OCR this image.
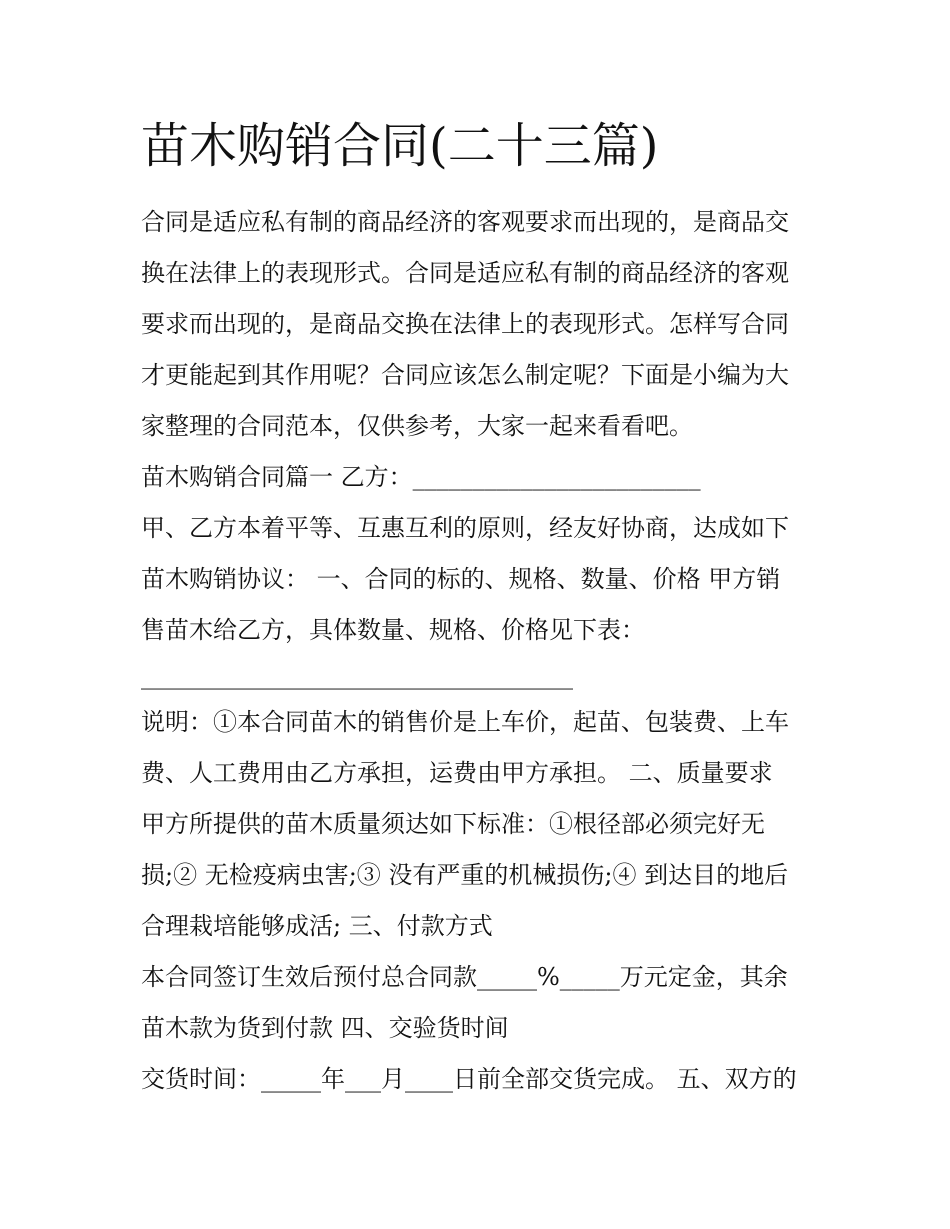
苗木购销合同(二十三篇)

合同是适应私有制的商品经济的客观要求而出现的，是商品交

换在法律上的表现形式。合同是适应私有制的商品经济的客观

要求而出现的，是商品交换在法律上的表现形式。怎样写合同

才更能起到其作用呢？合同应该怎么制定呢？下面是小编为大

家整理的合同范本，仅供参考，大家一起来看看吧。

苗木购销合同篇一 乙方：________________________

甲、乙方本着平等、互惠互利的原则，经友好协商，达成如下

苗木购销协议： 一、合同的标的、规格、数量、价格 甲方销

售苗木给乙方，具体数量、规格、价格见下表：

____________________________________

说明：①本合同苗木的销售价是上车价，起苗、包装费、上车

费、人工费用由乙方承担，运费由甲方承担。 二、质量要求

甲方所提供的苗木质量须达如下标准：①根径部必须完好无

损;② 无检疫病虫害;③ 没有严重的机械损伤;④ 到达目的地后

合理栽培能够成活; 三、付款方式

本合同签订生效后预付总合同款_____%_____万元定金，其余

苗木款为货到付款 四、交验货时间

交货时间：_____年___月____日前全部交货完成。 五、双方的
